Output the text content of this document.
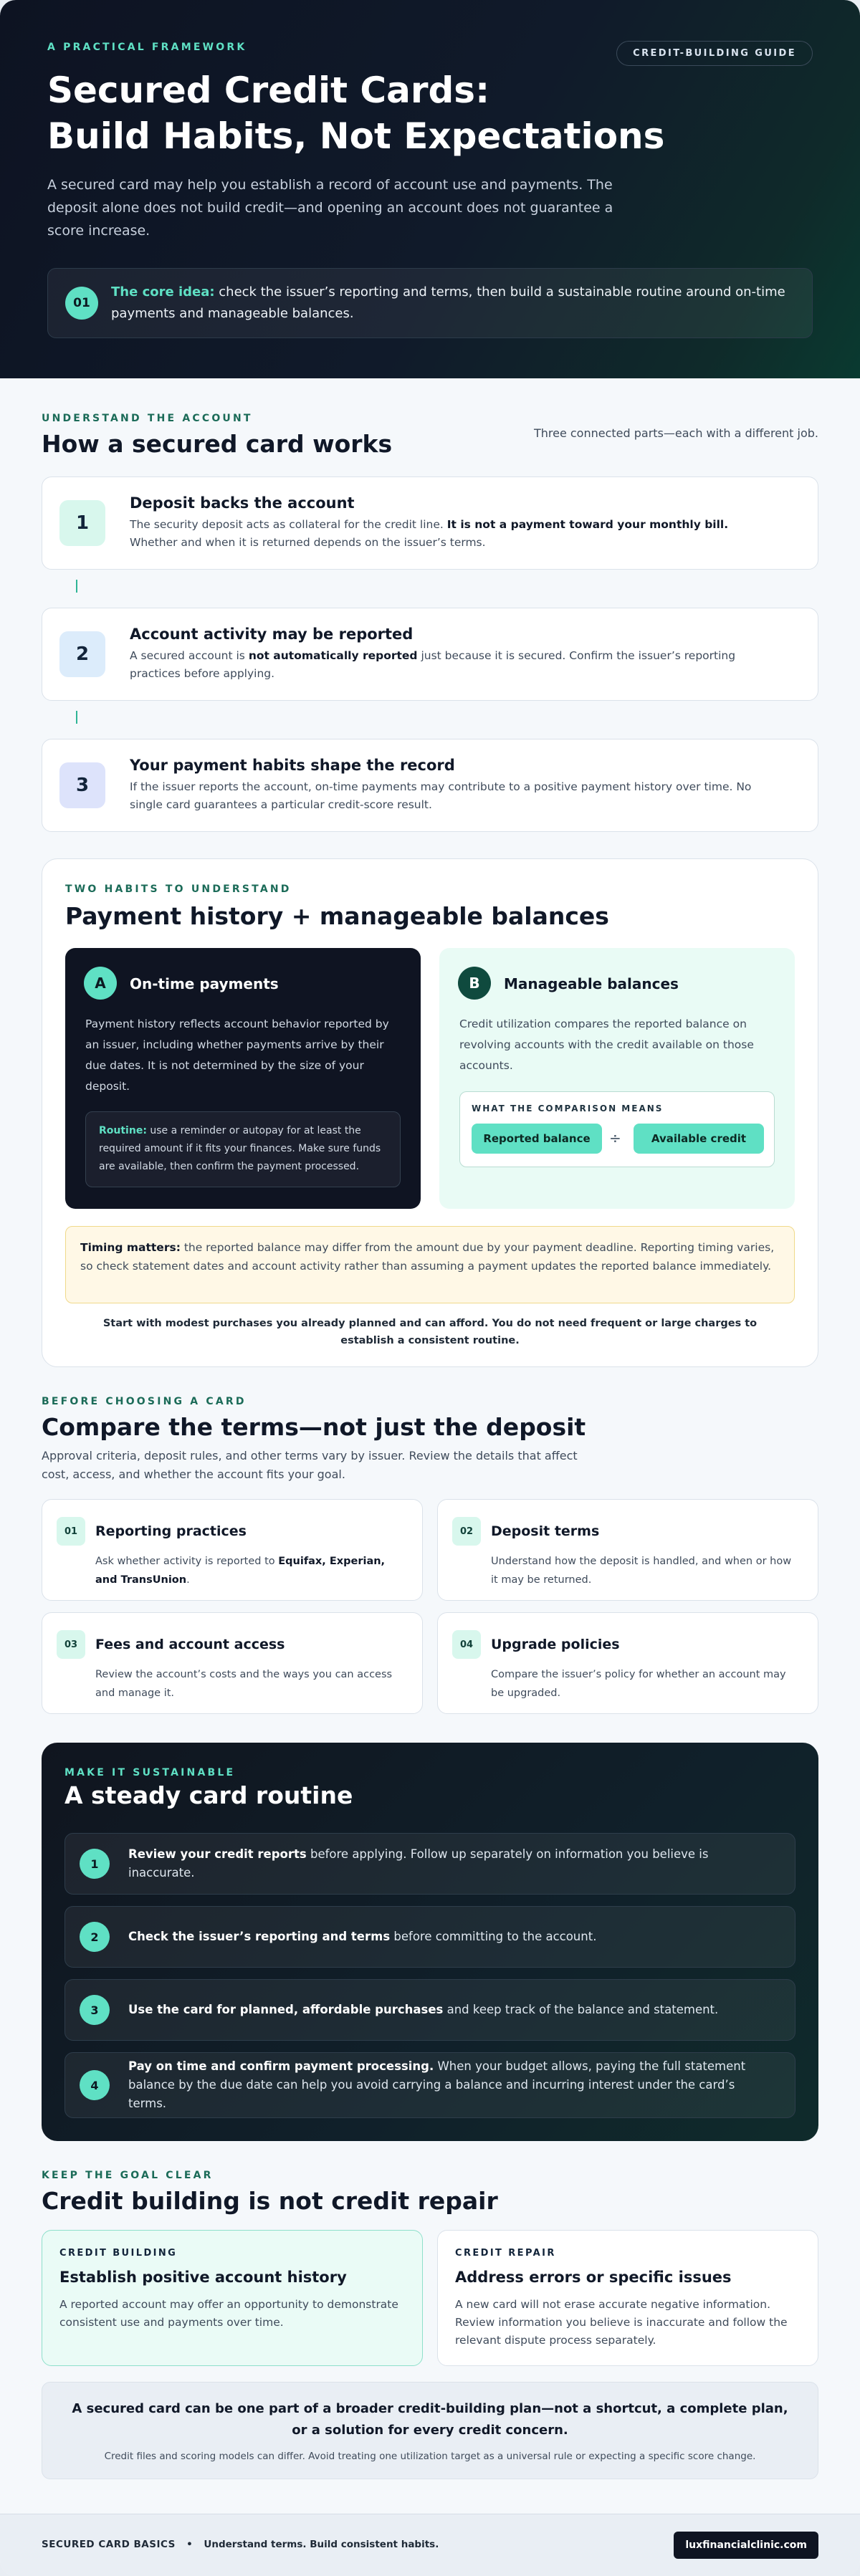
A PRACTICAL FRAMEWORK
CREDIT-BUILDING GUIDE
Secured Credit Cards:
Build Habits, Not Expectations

A secured card may help you establish a record of account use and payments. The deposit alone does not build credit—and opening an account does not guarantee a score increase.

01
The core idea: check the issuer’s reporting and terms, then build a sustainable routine around on-time payments and manageable balances.
UNDERSTAND THE ACCOUNT
How a secured card works	Three connected parts—each with a different job.
1
Deposit backs the account
The security deposit acts as collateral for the credit line. It is not a payment toward your monthly bill. Whether and when it is returned depends on the issuer’s terms.
2
Account activity may be reported
A secured account is not automatically reported just because it is secured. Confirm the issuer’s reporting practices before applying.
3
Your payment habits shape the record
If the issuer reports the account, on-time payments may contribute to a positive payment history over time. No single card guarantees a particular credit-score result.
TWO HABITS TO UNDERSTAND
Payment history + manageable balances
A	On-time payments
Payment history reflects account behavior reported by an issuer, including whether payments arrive by their due dates. It is not determined by the size of your deposit.
Routine: use a reminder or autopay for at least the required amount if it fits your finances. Make sure funds are available, then confirm the payment processed.
B	Manageable balances
Credit utilization compares the reported balance on revolving accounts with the credit available on those accounts.
WHAT THE COMPARISON MEANS
Reported balance	÷	Available credit
Timing matters: the reported balance may differ from the amount due by your payment deadline. Reporting timing varies, so check statement dates and account activity rather than assuming a payment updates the reported balance immediately.
Start with modest purchases you already planned and can afford. You do not need frequent or large charges to establish a consistent routine.
BEFORE CHOOSING A CARD
Compare the terms—not just the deposit
Approval criteria, deposit rules, and other terms vary by issuer. Review the details that affect cost, access, and whether the account fits your goal.
01	Reporting practices
Ask whether activity is reported to Equifax, Experian, and TransUnion.
02	Deposit terms
Understand how the deposit is handled, and when or how it may be returned.
03	Fees and account access
Review the account’s costs and the ways you can access and manage it.
04	Upgrade policies
Compare the issuer’s policy for whether an account may be upgraded.
MAKE IT SUSTAINABLE
A steady card routine
1
Review your credit reports before applying. Follow up separately on information you believe is inaccurate.
2	Check the issuer’s reporting and terms before committing to the account.
3	Use the card for planned, affordable purchases and keep track of the balance and statement.
4
Pay on time and confirm payment processing. When your budget allows, paying the full statement balance by the due date can help you avoid carrying a balance and incurring interest under the card’s terms.
KEEP THE GOAL CLEAR
Credit building is not credit repair
CREDIT BUILDING
Establish positive account history
A reported account may offer an opportunity to demonstrate consistent use and payments over time.
CREDIT REPAIR
Address errors or specific issues
A new card will not erase accurate negative information. Review information you believe is inaccurate and follow the relevant dispute process separately.
A secured card can be one part of a broader credit-building plan—not a shortcut, a complete plan, or a solution for every credit concern.
Credit files and scoring models can differ. Avoid treating one utilization target as a universal rule or expecting a specific score change.
SECURED CARD BASICS • Understand terms. Build consistent habits.	luxfinancialclinic.com
